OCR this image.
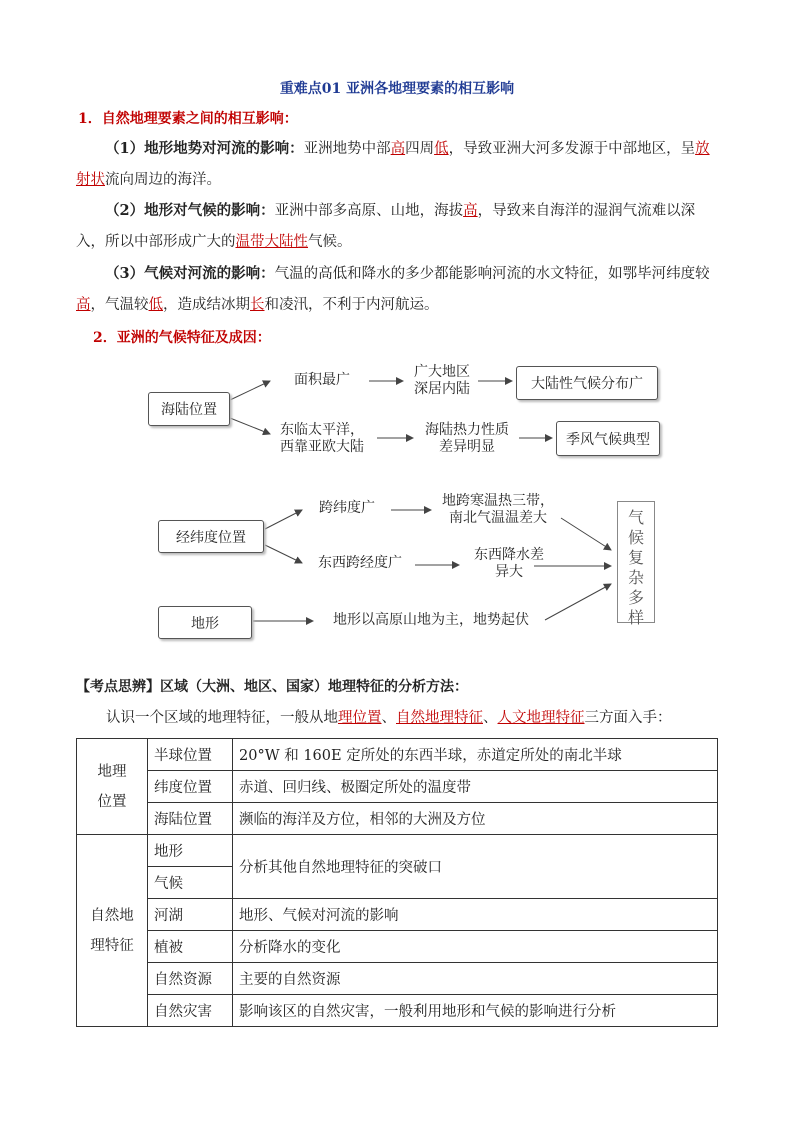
重难点01 亚洲各地理要素的相互影响
1．自然地理要素之间的相互影响：
（1）地形地势对河流的影响：亚洲地势中部高四周低，导致亚洲大河多发源于中部地区，呈放射状流向周边的海洋。
（2）地形对气候的影响：亚洲中部多高原、山地，海拔高，导致来自海洋的湿润气流难以深入，所以中部形成广大的温带大陆性气候。
（3）气候对河流的影响：气温的高低和降水的多少都能影响河流的水文特征，如鄂毕河纬度较高，气温较低，造成结冰期长和凌汛，不利于内河航运。
2．亚洲的气候特征及成因：
海陆位置
面积最广	广大地区
深居内陆	大陆性气候分布广
东临太平洋，
西靠亚欧大陆
海陆热力性质
差异明显	季风气候典型
经纬度位置
跨纬度广	地跨寒温热三带，
南北气温温差大
东西跨经度广	东西降水差
异大
地形	地形以高原山地为主，地势起伏
气
候
复
杂
多
样
【考点思辨】区域（大洲、地区、国家）地理特征的分析方法：
认识一个区域的地理特征，一般从地理位置、自然地理特征、人文地理特征三方面入手：
地理
位置	半球位置	20°W 和 160E 定所处的东西半球，赤道定所处的南北半球
	纬度位置	赤道、回归线、极圈定所处的温度带
	海陆位置	濒临的海洋及方位，相邻的大洲及方位

自然地
理特征	地形	分析其他自然地理特征的突破口
	气候	
	河湖	地形、气候对河流的影响
	植被	分析降水的变化
	自然资源	主要的自然资源
	自然灾害	影响该区的自然灾害，一般利用地形和气候的影响进行分析
